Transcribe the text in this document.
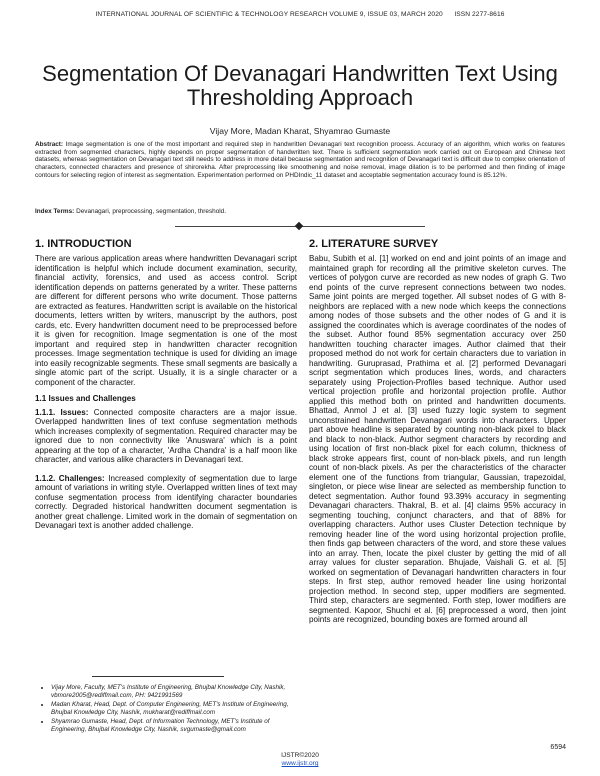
INTERNATIONAL JOURNAL OF SCIENTIFIC & TECHNOLOGY RESEARCH VOLUME 9, ISSUE 03, MARCH 2020      ISSN 2277-8616
Segmentation Of Devanagari Handwritten Text Using Thresholding Approach
Vijay More, Madan Kharat, Shyamrao Gumaste
Abstract: Image segmentation is one of the most important and required step in handwritten Devanagari text recognition process. Accuracy of an algorithm, which works on features extracted from segmented characters, highly depends on proper segmentation of handwritten text. There is sufficient segmentation work carried out on European and Chinese text datasets, whereas segmentation on Devanagari text still needs to address in more detail because segmentation and recognition of Devanagari text is difficult due to complex orientation of characters, connected characters and presence of shirorekha. After preprocessing like smoothening and noise removal, image dilation is to be performed and then finding of image contours for selecting region of interest as segmentation. Experimentation performed on PHDIndic_11 dataset and acceptable segmentation accuracy found is 85.12%.
Index Terms: Devanagari, preprocessing, segmentation, threshold.
1. INTRODUCTION
There are various application areas where handwritten Devanagari script identification is helpful which include document examination, security, financial activity, forensics, and used as access control. Script identification depends on patterns generated by a writer. These patterns are different for different persons who write document. Those patterns are extracted as features. Handwritten script is available on the historical documents, letters written by writers, manuscript by the authors, post cards, etc. Every handwritten document need to be preprocessed before it is given for recognition. Image segmentation is one of the most important and required step in handwritten character recognition processes. Image segmentation technique is used for dividing an image into easily recognizable segments. These small segments are basically a single atomic part of the script. Usually, it is a single character or a component of the character.
1.1 Issues and Challenges
1.1.1. Issues: Connected composite characters are a major issue. Overlapped handwritten lines of text confuse segmentation methods which increases complexity of segmentation. Required character may be ignored due to non connectivity like 'Anuswara' which is a point appearing at the top of a character, 'Ardha Chandra' is a half moon like character, and various alike characters in Devanagari text.
1.1.2. Challenges: Increased complexity of segmentation due to large amount of variations in writing style. Overlapped written lines of text may confuse segmentation process from identifying character boundaries correctly. Degraded historical handwritten document segmentation is another great challenge. Limited work in the domain of segmentation on Devanagari text is another added challenge.
• Vijay More, Faculty, MET's Institute of Engineering, Bhujbal Knowledge City, Nashik, vbmore2005@rediffmail.com, PH: 9421991569
• Madan Kharat, Head, Dept. of Computer Engineering, MET's Institute of Engineering, Bhujbal Knowledge City, Nashik, mukharat@rediffmail.com
• Shyamrao Gumaste, Head, Dept. of Information Technology, MET's Institute of Engineering, Bhujbal Knowledge City, Nashik, svgumaste@gmail.com
2. LITERATURE SURVEY
Babu, Subith et al. [1] worked on end and joint points of an image and maintained graph for recording all the primitive skeleton curves. The vertices of polygon curve are recorded as new nodes of graph G. Two end points of the curve represent connections between two nodes. Same joint points are merged together. All subset nodes of G with 8-neighbors are replaced with a new node which keeps the connections among nodes of those subsets and the other nodes of G and it is assigned the coordinates which is average coordinates of the nodes of the subset. Author found 85% segmentation accuracy over 250 handwritten touching character images. Author claimed that their proposed method do not work for certain characters due to variation in handwriting. Guruprasad, Prathima et al. [2] performed Devanagari script segmentation which produces lines, words, and characters separately using Projection-Profiles based technique. Author used vertical projection profile and horizontal projection profile. Author applied this method both on printed and handwritten documents. Bhattad, Anmol J et al. [3] used fuzzy logic system to segment unconstrained handwritten Devanagari words into characters. Upper part above headline is separated by counting non-black pixel to black and black to non-black. Author segment characters by recording and using location of first non-black pixel for each column, thickness of black stroke appears first, count of non-black pixels, and run length count of non-black pixels. As per the characteristics of the character element one of the functions from triangular, Gaussian, trapezoidal, singleton, or piece wise linear are selected as membership function to detect segmentation. Author found 93.39% accuracy in segmenting Devanagari characters. Thakral, B. et al. [4] claims 95% accuracy in segmenting touching, conjunct characters, and that of 88% for overlapping characters. Author uses Cluster Detection technique by removing header line of the word using horizontal projection profile, then finds gap between characters of the word, and store these values into an array. Then, locate the pixel cluster by getting the mid of all array values for cluster separation. Bhujade, Vaishali G. et al. [5] worked on segmentation of Devanagari handwritten characters in four steps. In first step, author removed header line using horizontal projection method. In second step, upper modifiers are segmented. Third step, characters are segmented. Forth step, lower modifiers are segmented. Kapoor, Shuchi et al. [6] preprocessed a word, then joint points are recognized, bounding boxes are formed around all
6594
IJSTR©2020
www.ijstr.org
